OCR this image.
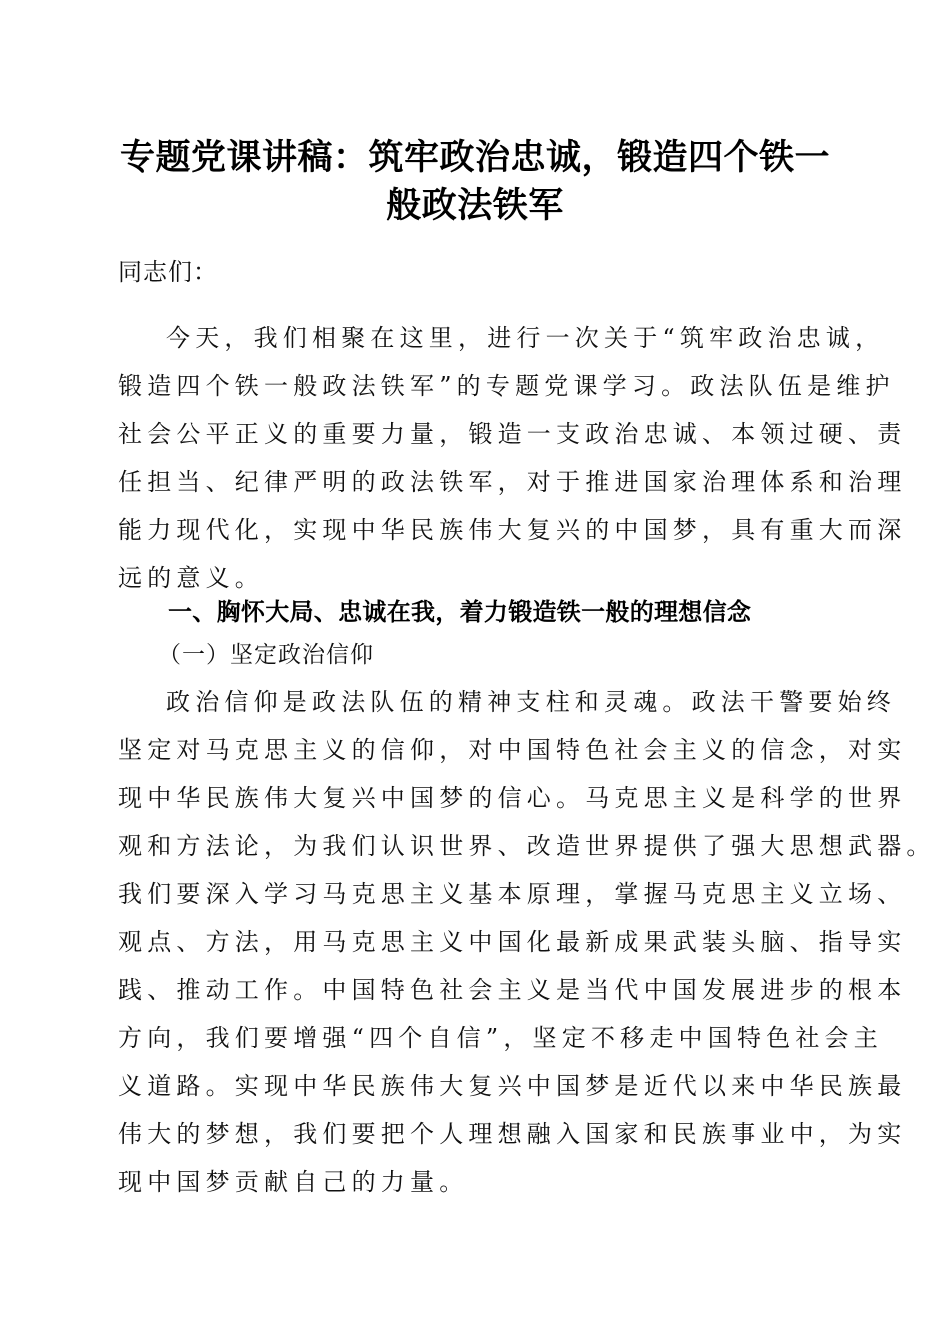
专题党课讲稿：筑牢政治忠诚，锻造四个铁一
般政法铁军
同志们：
今天，我们相聚在这里，进行一次关于“筑牢政治忠诚，
锻造四个铁一般政法铁军”的专题党课学习。政法队伍是维护
社会公平正义的重要力量，锻造一支政治忠诚、本领过硬、责
任担当、纪律严明的政法铁军，对于推进国家治理体系和治理
能力现代化，实现中华民族伟大复兴的中国梦，具有重大而深
远的意义。
一、胸怀大局、忠诚在我，着力锻造铁一般的理想信念
（一）坚定政治信仰
政治信仰是政法队伍的精神支柱和灵魂。政法干警要始终
坚定对马克思主义的信仰，对中国特色社会主义的信念，对实
现中华民族伟大复兴中国梦的信心。马克思主义是科学的世界
观和方法论，为我们认识世界、改造世界提供了强大思想武器。
我们要深入学习马克思主义基本原理，掌握马克思主义立场、
观点、方法，用马克思主义中国化最新成果武装头脑、指导实
践、推动工作。中国特色社会主义是当代中国发展进步的根本
方向，我们要增强“四个自信”，坚定不移走中国特色社会主
义道路。实现中华民族伟大复兴中国梦是近代以来中华民族最
伟大的梦想，我们要把个人理想融入国家和民族事业中，为实
现中国梦贡献自己的力量。
